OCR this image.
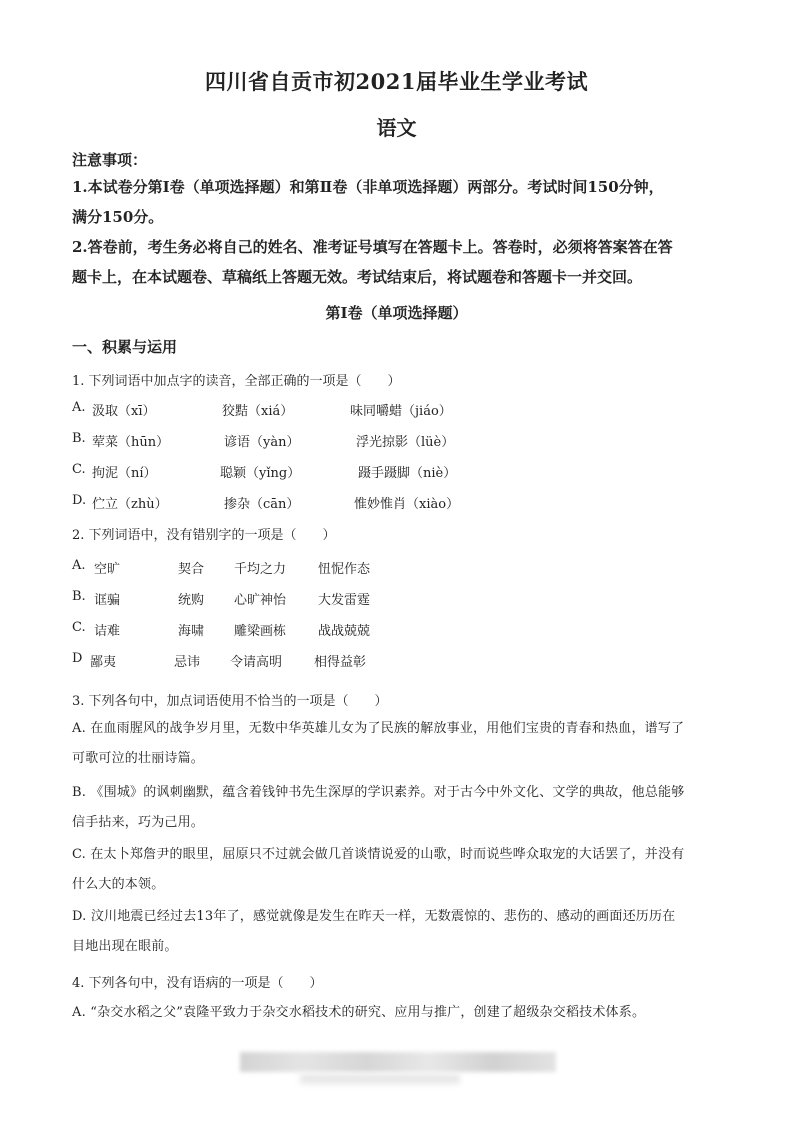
四川省自贡市初2021届毕业生学业考试
语文
注意事项：
1.本试卷分第Ⅰ卷（单项选择题）和第Ⅱ卷（非单项选择题）两部分。考试时间150分钟，
满分150分。
2.答卷前，考生务必将自己的姓名、准考证号填写在答题卡上。答卷时，必须将答案答在答
题卡上，在本试题卷、草稿纸上答题无效。考试结束后，将试题卷和答题卡一并交回。
第Ⅰ卷（单项选择题）
一、积累与运用
1. 下列词语中加点字的读音，全部正确的一项是（　　）
A. 汲取（xī）	狡黠（xiá）	味同嚼蜡（jiáo）
B. 荤菜（hūn）	谚语（yàn）	浮光掠影（lüè）
C. 拘泥（ní）	聪颖（yǐng）	蹑手蹑脚（niè）
D. 伫立（zhù）	掺杂（cān）	惟妙惟肖（xiào）
2. 下列词语中，没有错别字的一项是（　　）
A. 空旷	契合 千均之力 忸怩作态
B. 诓骗	统购 心旷神怡 大发雷霆
C. 诘难	海啸 雕梁画栋 战战兢兢
D 鄙夷	忌讳 令请高明 相得益彰
3. 下列各句中，加点词语使用不恰当的一项是（　　）
A. 在血雨腥风的战争岁月里，无数中华英雄儿女为了民族的解放事业，用他们宝贵的青春和热血，谱写了
可歌可泣的壮丽诗篇。
B. 《围城》的讽刺幽默，蕴含着钱钟书先生深厚的学识素养。对于古今中外文化、文学的典故，他总能够
信手拈来，巧为己用。
C. 在太卜郑詹尹的眼里，屈原只不过就会做几首谈情说爱的山歌，时而说些哗众取宠的大话罢了，并没有
什么大的本领。
D. 汶川地震已经过去13年了，感觉就像是发生在昨天一样，无数震惊的、悲伤的、感动的画面还历历在
目地出现在眼前。
4. 下列各句中，没有语病的一项是（　　）
A. “杂交水稻之父”袁隆平致力于杂交水稻技术的研究、应用与推广，创建了超级杂交稻技术体系。
